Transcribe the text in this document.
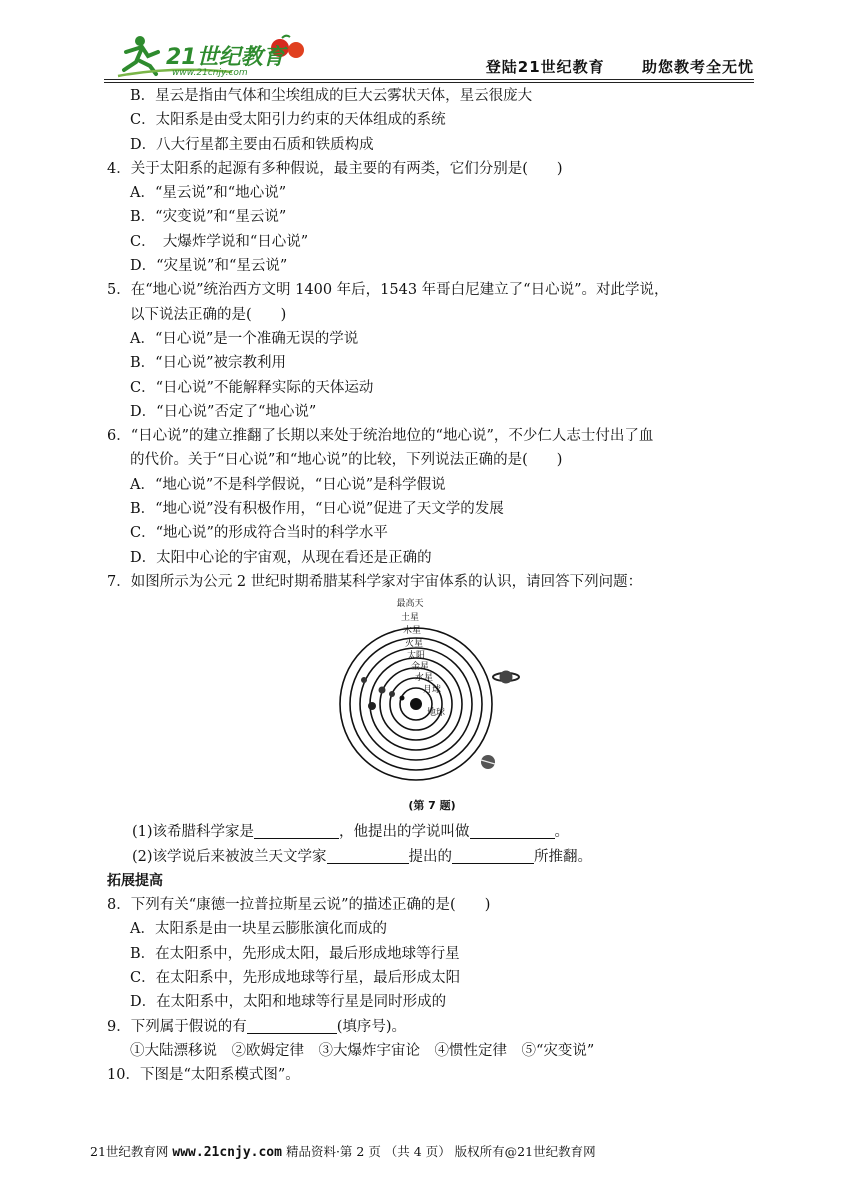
21世纪教育
www.21cnjy.com	登陆21世纪教育 助您教考全无忧
B．星云是指由气体和尘埃组成的巨大云雾状天体，星云很庞大
C．太阳系是由受太阳引力约束的天体组成的系统
D．八大行星都主要由石质和铁质构成
4．关于太阳系的起源有多种假说，最主要的有两类，它们分别是(　　)
A．“星云说”和“地心说”
B．“灾变说”和“星云说”
C．　大爆炸学说和“日心说”
D．“灾星说”和“星云说”
5．在“地心说”统治西方文明 1400 年后，1543 年哥白尼建立了“日心说”。对此学说，
以下说法正确的是(　　)
A．“日心说”是一个准确无误的学说
B．“日心说”被宗教利用
C．“日心说”不能解释实际的天体运动
D．“日心说”否定了“地心说”
6．“日心说”的建立推翻了长期以来处于统治地位的“地心说”，不少仁人志士付出了血
的代价。关于“日心说”和“地心说”的比较，下列说法正确的是(　　)
A．“地心说”不是科学假说，“日心说”是科学假说
B．“地心说”没有积极作用，“日心说”促进了天文学的发展
C．“地心说”的形成符合当时的科学水平
D．太阳中心论的宇宙观，从现在看还是正确的
7．如图所示为公元 2 世纪时期希腊某科学家对宇宙体系的认识，请回答下列问题：
最高天
土星
木星
火星
太阳
金星
水星
月球
地球
(第 7 题)
(1)该希腊科学家是	，他提出的学说叫做	。
(2)该学说后来被波兰天文学家	提出的	所推翻。
拓展提高
8．下列有关“康德一拉普拉斯星云说”的描述正确的是(　　)
A．太阳系是由一块星云膨胀演化而成的
B．在太阳系中，先形成太阳，最后形成地球等行星
C．在太阳系中，先形成地球等行星，最后形成太阳
D．在太阳系中，太阳和地球等行星是同时形成的
9．下列属于假说的有	(填序号)。
①大陆漂移说　②欧姆定律　③大爆炸宇宙论　④惯性定律　⑤“灾变说”
10．下图是“太阳系模式图”。
21世纪教育网 www.21cnjy.com 精品资料·第 2 页 （共 4 页） 版权所有@21世纪教育网
